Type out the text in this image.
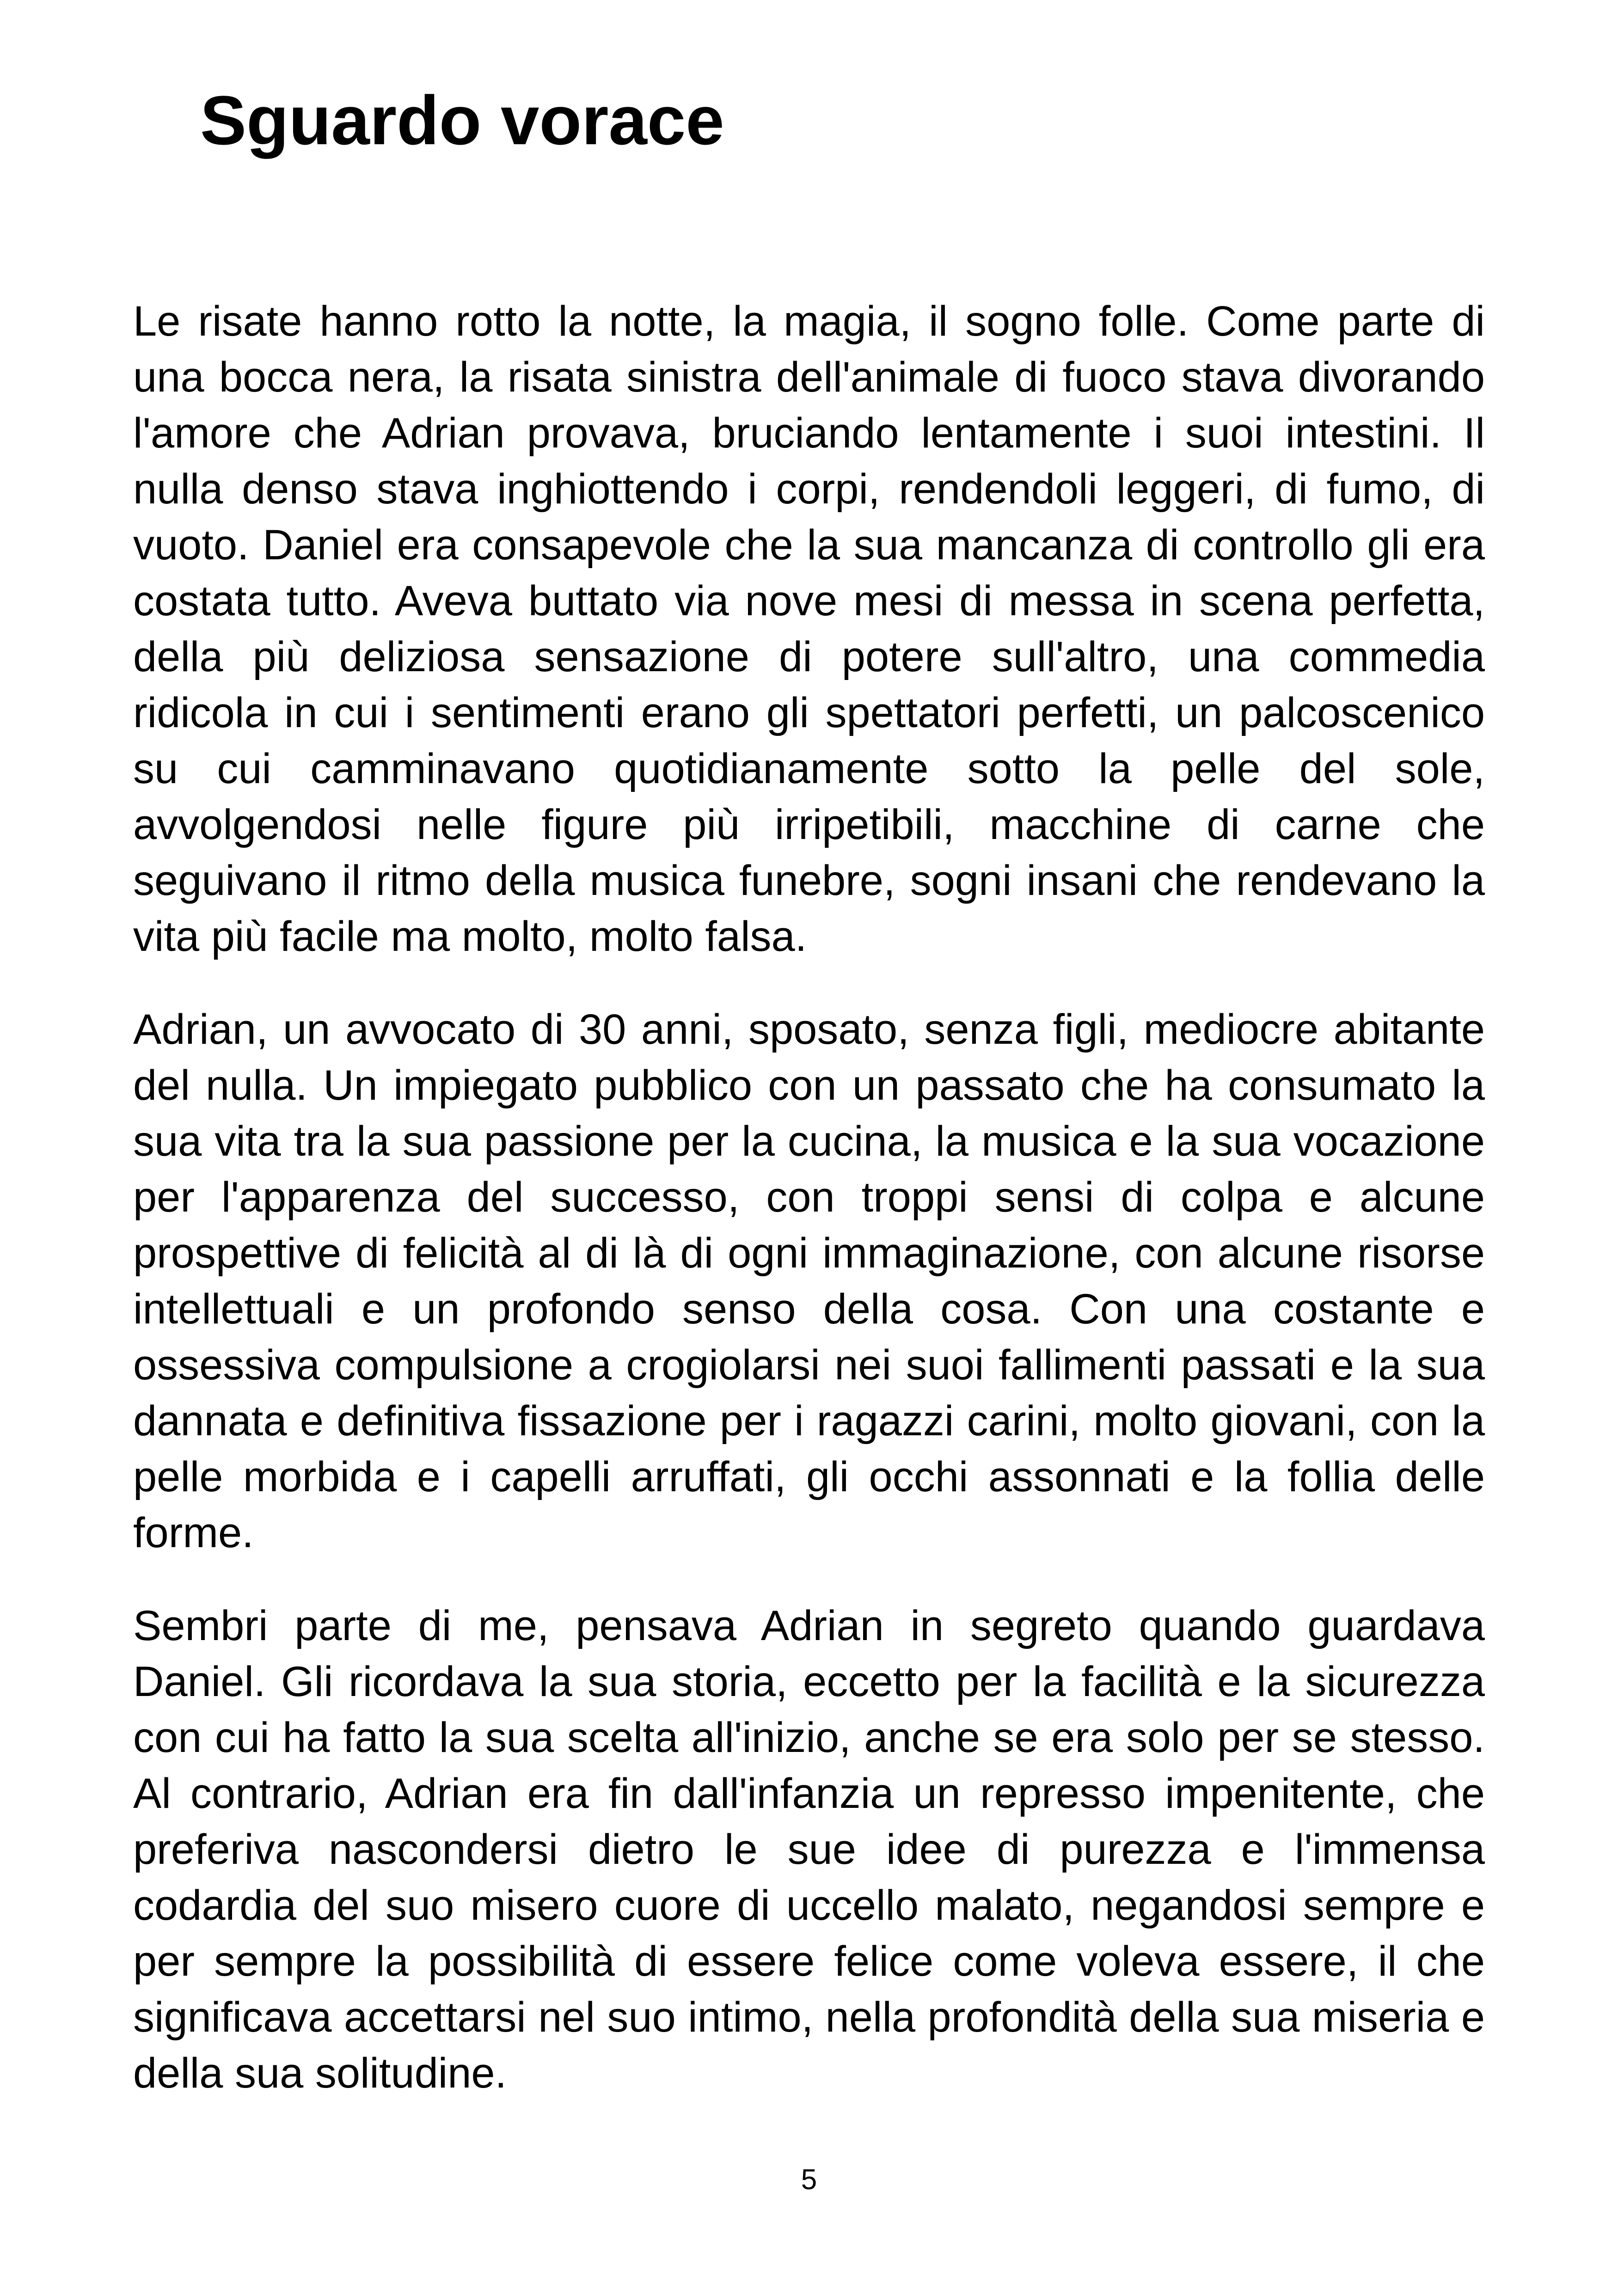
Sguardo vorace

Le risate hanno rotto la notte, la magia, il sogno folle. Come parte di una bocca nera, la risata sinistra dell'animale di fuoco stava divorando l'amore che Adrian provava, bruciando lentamente i suoi intestini. Il nulla denso stava inghiottendo i corpi, rendendoli leggeri, di fumo, di vuoto. Daniel era consapevole che la sua mancanza di controllo gli era costata tutto. Aveva buttato via nove mesi di messa in scena perfetta, della più deliziosa sensazione di potere sull'altro, una commedia ridicola in cui i sentimenti erano gli spettatori perfetti, un palcoscenico su cui camminavano quotidianamente sotto la pelle del sole, avvolgendosi nelle figure più irripetibili, macchine di carne che seguivano il ritmo della musica funebre, sogni insani che rendevano la vita più facile ma molto, molto falsa.

Adrian, un avvocato di 30 anni, sposato, senza figli, mediocre abitante del nulla. Un impiegato pubblico con un passato che ha consumato la sua vita tra la sua passione per la cucina, la musica e la sua vocazione per l'apparenza del successo, con troppi sensi di colpa e alcune prospettive di felicità al di là di ogni immaginazione, con alcune risorse intellettuali e un profondo senso della cosa. Con una costante e ossessiva compulsione a crogiolarsi nei suoi fallimenti passati e la sua dannata e definitiva fissazione per i ragazzi carini, molto giovani, con la pelle morbida e i capelli arruffati, gli occhi assonnati e la follia delle forme.

Sembri parte di me, pensava Adrian in segreto quando guardava Daniel. Gli ricordava la sua storia, eccetto per la facilità e la sicurezza con cui ha fatto la sua scelta all'inizio, anche se era solo per se stesso. Al contrario, Adrian era fin dall'infanzia un represso impenitente, che preferiva nascondersi dietro le sue idee di purezza e l'immensa codardia del suo misero cuore di uccello malato, negandosi sempre e per sempre la possibilità di essere felice come voleva essere, il che significava accettarsi nel suo intimo, nella profondità della sua miseria e della sua solitudine.

5
